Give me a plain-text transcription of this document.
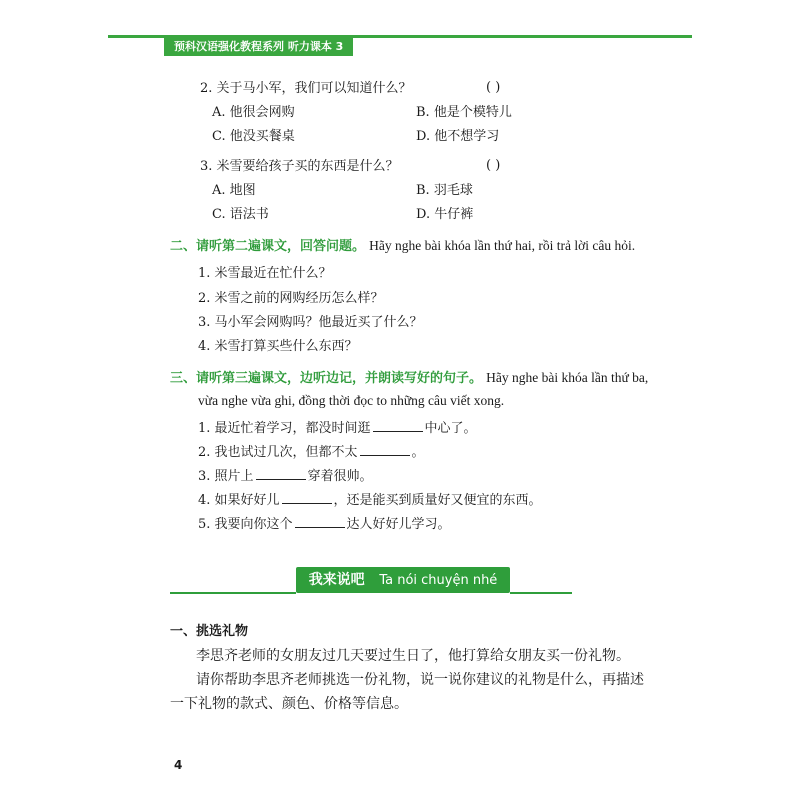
预科汉语强化教程系列 听力课本 3
2. 关于马小军，我们可以知道什么？	( )
A. 他很会网购	B. 他是个模特儿
C. 他没买餐桌	D. 他不想学习
3. 米雪要给孩子买的东西是什么？	( )
A. 地图	B. 羽毛球
C. 语法书	D. 牛仔裤
二、请听第二遍课文，回答问题。 Hãy nghe bài khóa lần thứ hai, rồi trả lời câu hỏi.
1. 米雪最近在忙什么？
2. 米雪之前的网购经历怎么样？
3. 马小军会网购吗？他最近买了什么？
4. 米雪打算买些什么东西？
三、请听第三遍课文，边听边记，并朗读写好的句子。 Hãy nghe bài khóa lần thứ ba,
vừa nghe vừa ghi, đồng thời đọc to những câu viết xong.
1. 最近忙着学习，都没时间逛	中心了。
2. 我也试过几次，但都不太	。
3. 照片上	穿着很帅。
4. 如果好好儿	，还是能买到质量好又便宜的东西。
5. 我要向你这个	达人好好儿学习。
我来说吧 Ta nói chuyện nhé
一、挑选礼物
李思齐老师的女朋友过几天要过生日了，他打算给女朋友买一份礼物。
请你帮助李思齐老师挑选一份礼物，说一说你建议的礼物是什么，再描述
一下礼物的款式、颜色、价格等信息。
4
